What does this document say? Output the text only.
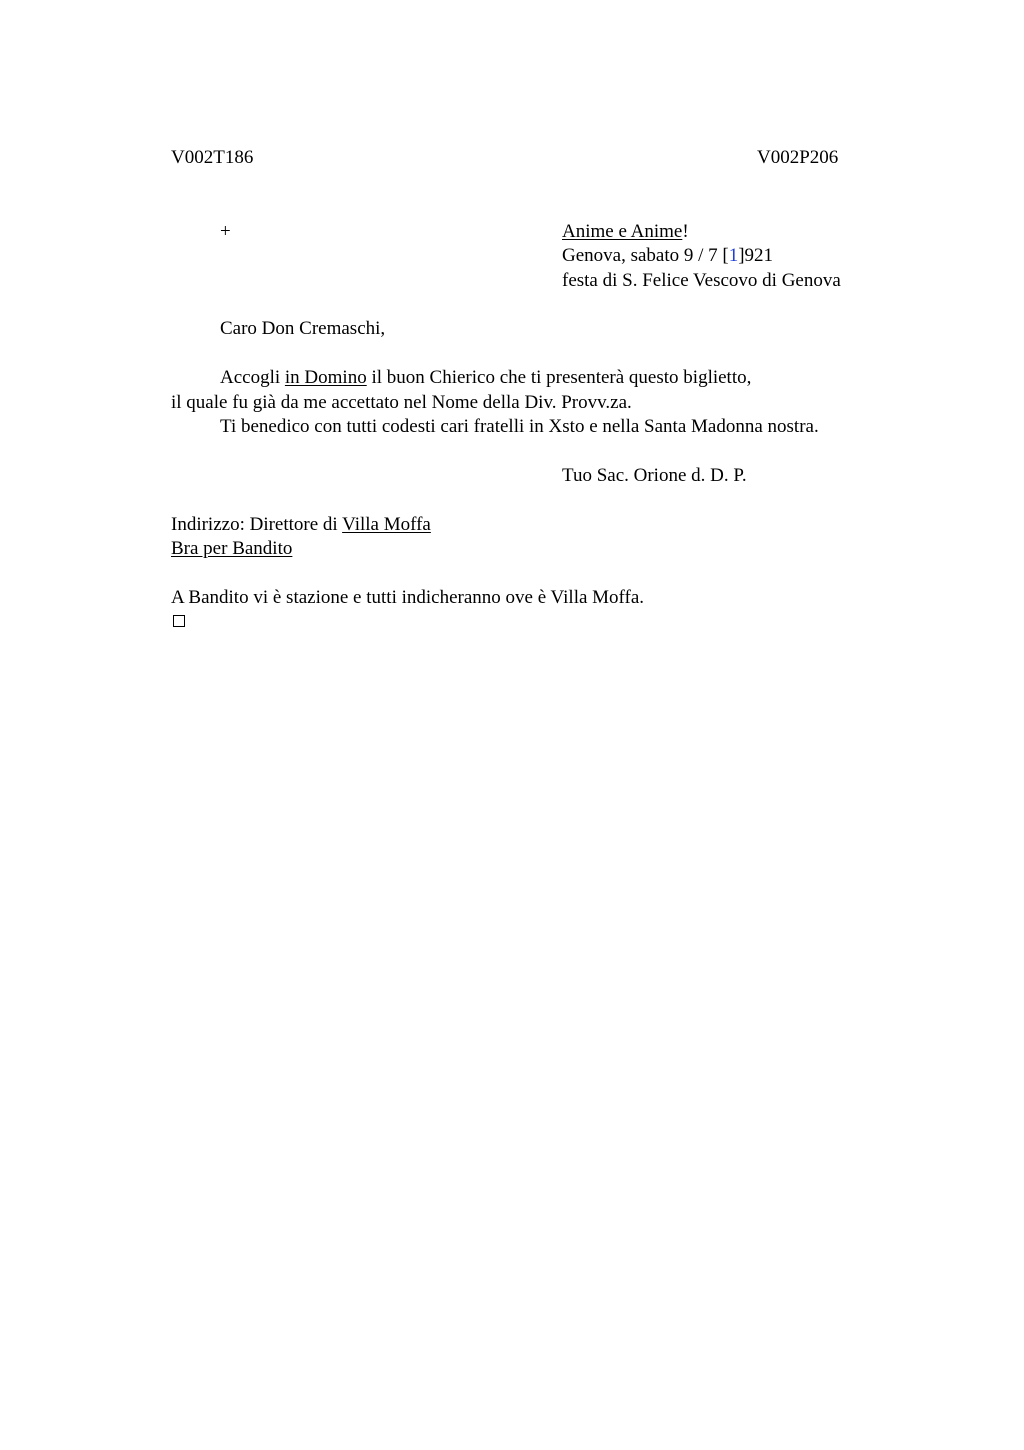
V002T186	V002P206
+	Anime e Anime!
Genova, sabato 9 / 7 [1]921
festa di S. Felice Vescovo di Genova
Caro Don Cremaschi,
Accogli in Domino il buon Chierico che ti presenterà questo biglietto,
il quale fu già da me accettato nel Nome della Div. Provv.za.
Ti benedico con tutti codesti cari fratelli in Xsto e nella Santa Madonna nostra.
Tuo Sac. Orione d. D. P.
Indirizzo: Direttore di Villa Moffa
Bra per Bandito
A Bandito vi è stazione e tutti indicheranno ove è Villa Moffa.
